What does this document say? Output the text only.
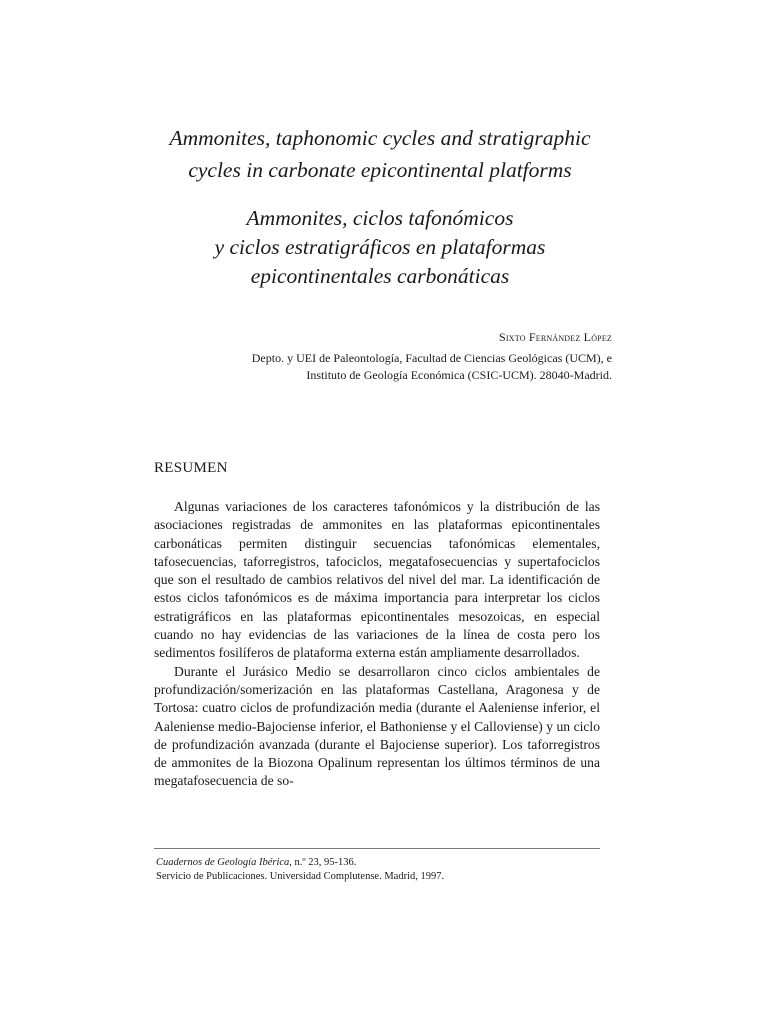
Ammonites, taphonomic cycles and stratigraphic
cycles in carbonate epicontinental platforms
Ammonites, ciclos tafonómicos
y ciclos estratigráficos en plataformas
epicontinentales carbonáticas
Sixto Fernández López
Depto. y UEI de Paleontología, Facultad de Ciencias Geológicas (UCM), e
Instituto de Geología Económica (CSIC-UCM). 28040-Madrid.
RESUMEN

Algunas variaciones de los caracteres tafonómicos y la distribución de las asociaciones registradas de ammonites en las plataformas epicontinentales carbonáticas permiten distinguir secuencias tafonómicas elementales, tafosecuencias, taforregistros, tafociclos, megatafosecuencias y supertafociclos que son el resultado de cambios relativos del nivel del mar. La identificación de estos ciclos tafonómicos es de máxima importancia para interpretar los ciclos estratigráficos en las plataformas epicontinentales mesozoicas, en especial cuando no hay evidencias de las variaciones de la línea de costa pero los sedimentos fosilíferos de plataforma externa están ampliamente desarrollados.

Durante el Jurásico Medio se desarrollaron cinco ciclos ambientales de profundización/somerización en las plataformas Castellana, Aragonesa y de Tortosa: cuatro ciclos de profundización media (durante el Aaleniense inferior, el Aaleniense medio-Bajociense inferior, el Bathoniense y el Calloviense) y un ciclo de profundización avanzada (durante el Bajociense superior). Los taforregistros de ammonites de la Biozona Opalinum representan los últimos términos de una megatafosecuencia de so-

Cuadernos de Geología Ibérica, n.º 23, 95-136.
Servicio de Publicaciones. Universidad Complutense. Madrid, 1997.
